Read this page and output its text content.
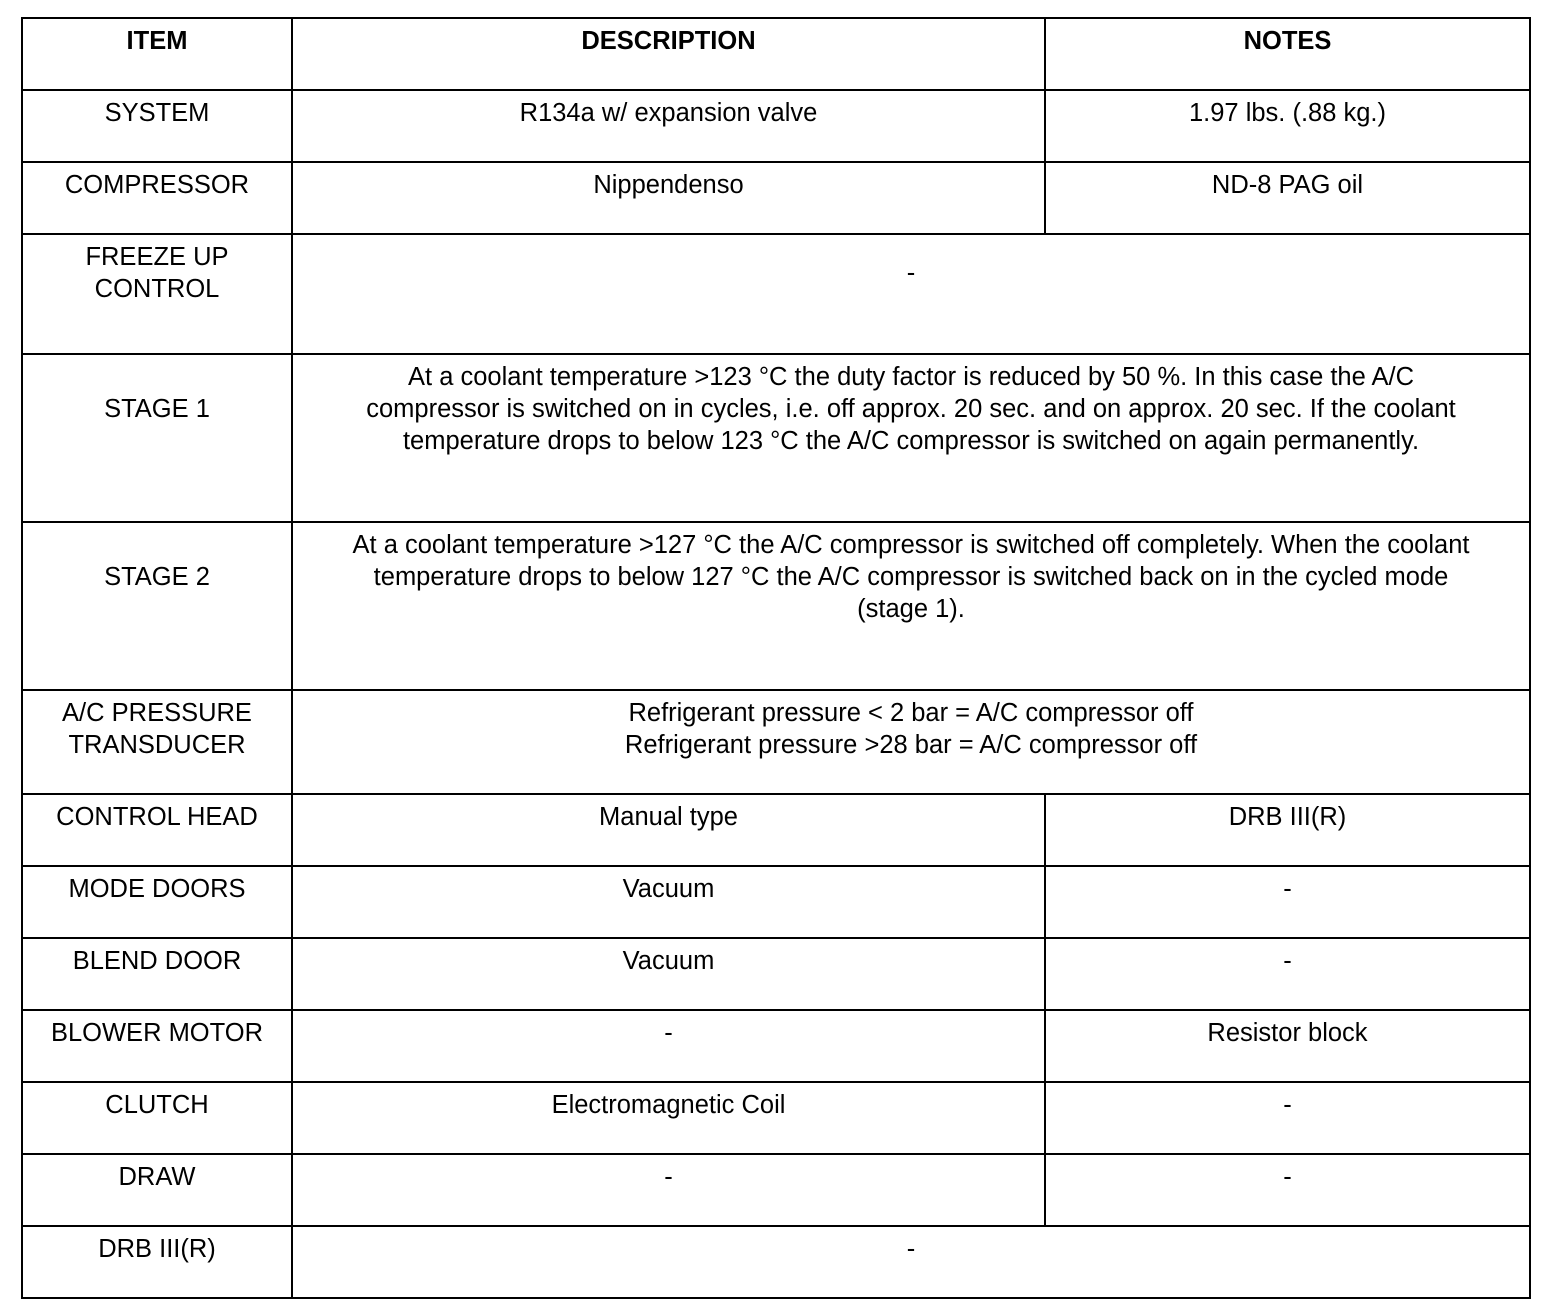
ITEM	DESCRIPTION	NOTES
SYSTEM	R134a w/ expansion valve	1.97 lbs. (.88 kg.)
COMPRESSOR	Nippendenso	ND-8 PAG oil

FREEZE UP
CONTROL	-	
STAGE 1	At a coolant temperature >123 °C the duty factor is reduced by 50 %. In this case the A/C
compressor is switched on in cycles, i.e. off approx. 20 sec. and on approx. 20 sec. If the coolant
temperature drops to below 123 °C the A/C compressor is switched on again permanently.	

STAGE 2	At a coolant temperature >127 °C the A/C compressor is switched off completely. When the coolant
temperature drops to below 127 °C the A/C compressor is switched back on in the cycled mode
(stage 1).	

A/C PRESSURE
TRANSDUCER	Refrigerant pressure < 2 bar = A/C compressor off
Refrigerant pressure >28 bar = A/C compressor off	

CONTROL HEAD	Manual type	DRB III(R)
MODE DOORS	Vacuum	-
BLEND DOOR	Vacuum	-
BLOWER MOTOR	-	Resistor block
CLUTCH	Electromagnetic Coil	-
DRAW	-	-
DRB III(R)	-	
